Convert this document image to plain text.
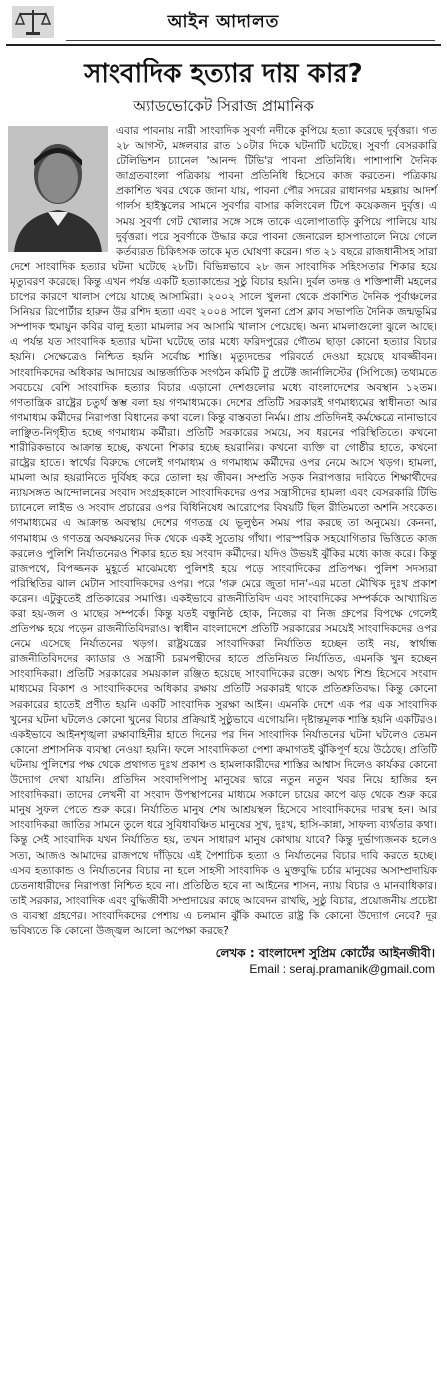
আইন আদালত
সাংবাদিক হত্যার দায় কার?
অ্যাডভোকেট সিরাজ প্রামানিক

এবার পাবনায় নারী সাংবাদিক সুবর্ণা নদীকে কুপিয়ে হত্যা করেছে দুর্বৃত্তরা। গত ২৮ আগস্ট, মঙ্গলবার রাত ১০টার দিকে ঘটনাটি ঘটেছে। সুবর্ণা বেসরকারি টেলিভিশন চ্যানেল 'আনন্দ টিভি'র পাবনা প্রতিনিধি। পাশাপাশি দৈনিক জাগ্রতবাংলা পত্রিকায় পাবনা প্রতিনিধি হিসেবে কাজ করতেন। পত্রিকায় প্রকাশিত খবর থেকে জানা যায়, পাবনা পৌর সদরের রাধানগর মহল্লায় আদর্শ গার্লস হাইস্কুলের সামনে সুবর্ণার বাসার কলিংবেল টিপে কয়েকজন দুর্বৃত্ত। এ সময় সুবর্ণা গেট খোলার সঙ্গে সঙ্গে তাকে এলোপাতাড়ি কুপিয়ে পালিয়ে যায় দুর্বৃত্তরা। পরে সুবর্ণাকে উদ্ধার করে পাবনা জেনারেল হাসপাতালে নিয়ে গেলে কর্তব্যরত চিকিৎসক তাকে মৃত ঘোষণা করেন। গত ২১ বছরে রাজধানীসহ সারা দেশে সাংবাদিক হত্যার ঘটনা ঘটেছে ২৮টি। বিভিন্নভাবে ২৮ জন সাংবাদিক সহিংসতার শিকার হয়ে মৃত্যুবরণ করেছে। কিন্তু এখন পর্যন্ত একটি হত্যাকান্ডের সুষ্ঠু বিচার হয়নি। দুর্বল তদন্ত ও শক্তিশালী মহলের চাপের কারণে খালাস পেয়ে যাচ্ছে আসামিরা। ২০০২ সালে খুলনা থেকে প্রকাশিত দৈনিক পূর্বাঞ্চলের সিনিয়র রিপোর্টার হারুন উর রশিদ হত্যা এবং ২০০৪ সালে খুলনা প্রেস ক্লাব সভাপতি দৈনিক জন্মভূমির সম্পাদক হুমায়ুন কবির বালু হত্যা মামলার সব আসামি খালাস পেয়েছে। অন্য মামলাগুলো ঝুলে আছে। এ পর্যন্ত যত সাংবাদিক হত্যার ঘটনা ঘটেছে তার মধ্যে ফরিদপুরের গৌতম ছাড়া কোনো হত্যার বিচার হয়নি। সেক্ষেত্রেও নিশ্চিত হয়নি সর্বোচ্চ শাস্তি। মৃত্যুদন্ডের পরিবর্তে দেওয়া হয়েছে যাবজ্জীবন। সাংবাদিকদের অধিকার আদায়ের আন্তর্জাতিক সংগঠন কমিটি টু প্রটেক্ট জার্নালিস্টের (সিপিজে) তথ্যমতে সবচেয়ে বেশি সাংবাদিক হত্যার বিচার এড়ানো দেশগুলোর মধ্যে বাংলাদেশের অবস্থান ১২তম। গণতান্ত্রিক রাষ্ট্রের চতুর্থ স্তম্ভ বলা হয় গণমাধ্যমকে। দেশের প্রতিটি সরকারই গণমাধ্যমের স্বাধীনতা আর গণমাধ্যম কর্মীদের নিরাপত্তা বিধানের কথা বলে। কিন্তু বাস্তবতা নির্মম। প্রায় প্রতিদিনই কর্মক্ষেত্রে নানাভাবে লাঞ্ছিত-নিগৃহীত হচ্ছে গণমাধ্যম কর্মীরা। প্রতিটি সরকারের সময়ে, সব ধরনের পরিস্থিতিতে। কখনো শারীরিকভাবে আক্রান্ত হচ্ছে, কখনো শিকার হচ্ছে হয়রানির। কখনো ব্যক্তি বা গোষ্ঠীর হাতে, কখনো রাষ্ট্রের হাতে। স্বার্থের বিরুদ্ধে গেলেই গণমাধ্যম ও গণমাধ্যম কর্মীদের ওপর নেমে আসে খড়গ। হামলা, মামলা আর হয়রানিতে দুর্বিষহ করে তোলা হয় জীবন। সম্প্রতি সড়ক নিরাপত্তার দাবিতে শিক্ষার্থীদের ন্যায়সঙ্গত আন্দোলনের সংবাদ সংগ্রহকালে সাংবাদিকদের ওপর সন্ত্রাসীদের হামলা এবং বেসরকারি টিভি চ্যানেলে লাইভ ও সংবাদ প্রচারের ওপর বিধিনিষেধ আরোপের বিষয়টি ছিল রীতিমতো অশনি সংকেত। গণমাধ্যমের এ আক্রান্ত অবস্থায় দেশের গণতন্ত্র যে ভূলুণ্ঠন সময় পার করছে তা অনুমেয়। কেননা, গণমাধ্যম ও গণতন্ত্র অবক্ষয়নের দিক থেকে একই সুতোয় গাঁথা। পারস্পরিক সহযোগিতার ভিত্তিতে কাজ করলেও পুলিশি নির্যাতনেরও শিকার হতে হয় সংবাদ কর্মীদের। যদিও উভয়ই ঝুঁকির মধ্যে কাজ করে। কিন্তু রাজপথে, বিপজ্জনক মুহূর্তে মাঝেমধ্যে পুলিশই হয়ে পড়ে সাংবাদিকের প্রতিপক্ষ। পুলিশ সদস্যরা পরিস্থিতির ঝাল মেটান সাংবাদিকদের ওপর। পরে 'গরু মেরে জুতা দান'-এর মতো মৌখিক দুঃখ প্রকাশ করেন। এটুকুতেই প্রতিকারের সমাপ্তি। একইভাবে রাজনীতিবিদ এবং সাংবাদিকের সম্পর্ককে আখ্যায়িত করা হয়-জল ও মাছের সম্পর্কে। কিন্তু যতই বন্ধুনিষ্ঠ হোক, নিজের বা নিজ গ্রুপের বিপক্ষে গেলেই প্রতিপক্ষ হয়ে পড়েন রাজনীতিবিদরাও। স্বাধীন বাংলাদেশে প্রতিটি সরকারের সময়েই সাংবাদিকদের ওপর নেমে এসেছে নির্যাতনের খড়গ। রাষ্ট্রযন্ত্রের সাংবাদিকরা নির্যাতিত হচ্ছেন তাই নয়, স্বার্থান্ধ রাজনীতিবিদদের ক্যাডার ও সন্ত্রাসী চরমপন্থীদের হাতে প্রতিনিয়ত নির্যাতিত, এমনকি খুন হচ্ছেন সাংবাদিকরা। প্রতিটি সরকারের সময়কাল রঞ্জিত হয়েছে সাংবাদিকের রক্তে। অথচ শিশু হিসেবে সংবাদ মাধ্যমের বিকাশ ও সাংবাদিকদের অধিকার রক্ষায় প্রতিটি সরকারই থাকে প্রতিশ্রুতিবদ্ধ। কিন্তু কোনো সরকারের হাতেই প্রণীত হয়নি একটি সাংবাদিক সুরক্ষা আইন। এমনকি দেশে এক পর এক সাংবাদিক খুনের ঘটনা ঘটলেও কোনো খুনের বিচার প্রক্রিয়াই সুষ্ঠুভাবে এগোয়নি। দৃষ্টান্তমূলক শাস্তি হয়নি একটিরও। একইভাবে আইনশৃঙ্খলা রক্ষাবাহিনীর হাতে দিনের পর দিন সাংবাদিক নির্যাতনের ঘটনা ঘটলেও তেমন কোনো প্রশাসনিক ব্যবস্থা নেওয়া হয়নি। ফলে সাংবাদিকতা পেশা ক্রমাগতই ঝুঁকিপূর্ণ হয়ে উঠেছে। প্রতিটি ঘটনায় পুলিশের পক্ষ থেকে প্রথাগত দুঃখ প্রকাশ ও হামলাকারীদের শাস্তির আশ্বাস দিলেও কার্যকর কোনো উদ্যোগ দেখা যায়নি। প্রতিদিন সংবাদপিপাসু মানুষের দ্বারে নতুন নতুন খবর নিয়ে হাজির হন সাংবাদিকরা। তাদের লেখনী বা সংবাদ উপস্থাপনের মাধ্যমে সকালে চায়ের কাপে ঝড় থেকে শুরু করে মানুষ সুফল পেতে শুরু করে। নির্যাতিত মানুষ শেষ আশ্রয়স্থল হিসেবে সাংবাদিকদের দারস্থ হন। আর সাংবাদিকরা জাতির সামনে তুলে ধরে সুবিধাবঞ্চিত মানুষের সুখ, দুঃখ, হাসি-কান্না, সাফল্য ব্যর্থতার কথা। কিন্তু সেই সাংবাদিক যখন নির্যাতিত হয়, তখন সাধারণ মানুষ কোথায় যাবে? কিন্তু দুর্ভাগ্যজনক হলেও সত্য, আজও আমাদের রাজপথে দাঁড়িয়ে এই পৈশাচিক হত্যা ও নির্যাতনের বিচার দাবি করতে হচ্ছে। এসব হত্যাকান্ড ও নির্যাতনের বিচার না হলে সাহসী সাংবাদিক ও মুক্তবুদ্ধি চর্চার মানুষের অসাম্প্রদায়িক চেতনাধারীদের নিরাপত্তা নিশ্চিত হবে না। প্রতিষ্ঠিত হবে না আইনের শাসন, ন্যায় বিচার ও মানবাধিকার। তাই সরকার, সাংবাদিক এবং বুদ্ধিজীবী সম্প্রদায়ের কাছে আবেদন রাখছি, সুষ্ঠু বিচার, প্রয়োজনীয় প্রচেষ্টা ও ব্যবস্থা গ্রহণের। সাংবাদিকদের পেশায় এ চলমান ঝুঁকি কমাতে রাষ্ট্র কি কোনো উদ্যোগ নেবে? দূর ভবিষ্যতে কি কোনো উজ্জ্বল আলো অপেক্ষা করছে?

লেখক : বাংলাদেশ সুপ্রিম কোর্টের আইনজীবী।
Email : seraj.pramanik@gmail.com
